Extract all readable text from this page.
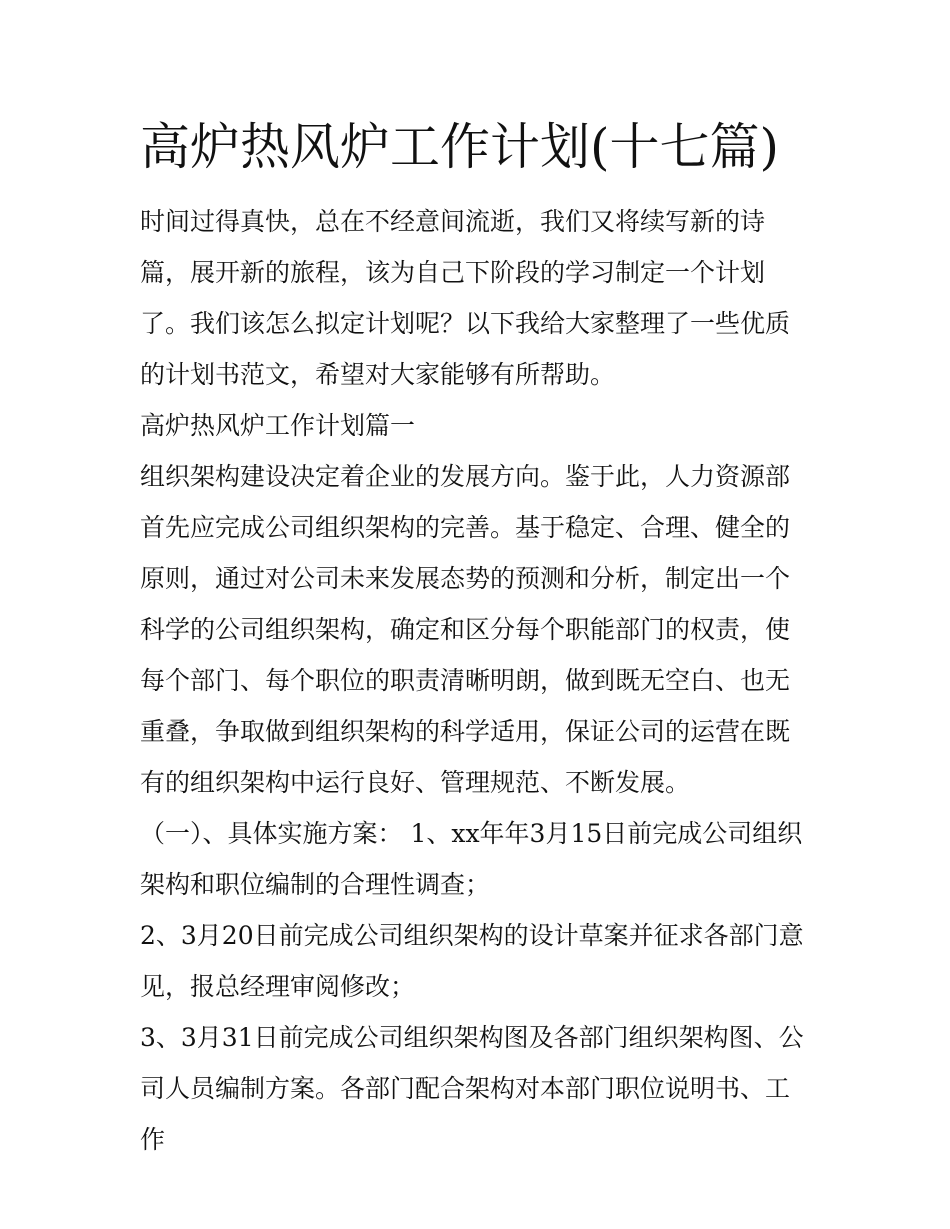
高炉热风炉工作计划(十七篇)

时间过得真快，总在不经意间流逝，我们又将续写新的诗篇，展开新的旅程，该为自己下阶段的学习制定一个计划了。我们该怎么拟定计划呢？以下我给大家整理了一些优质的计划书范文，希望对大家能够有所帮助。

高炉热风炉工作计划篇一

组织架构建设决定着企业的发展方向。鉴于此，人力资源部首先应完成公司组织架构的完善。基于稳定、合理、健全的原则，通过对公司未来发展态势的预测和分析，制定出一个科学的公司组织架构，确定和区分每个职能部门的权责，使每个部门、每个职位的职责清晰明朗，做到既无空白、也无重叠，争取做到组织架构的科学适用，保证公司的运营在既有的组织架构中运行良好、管理规范、不断发展。

（一）、具体实施方案： 1、xx年年3月15日前完成公司组织架构和职位编制的合理性调查；

2、3月20日前完成公司组织架构的设计草案并征求各部门意见，报总经理审阅修改；

3、3月31日前完成公司组织架构图及各部门组织架构图、公司人员编制方案。各部门配合架构对本部门职位说明书、工作
